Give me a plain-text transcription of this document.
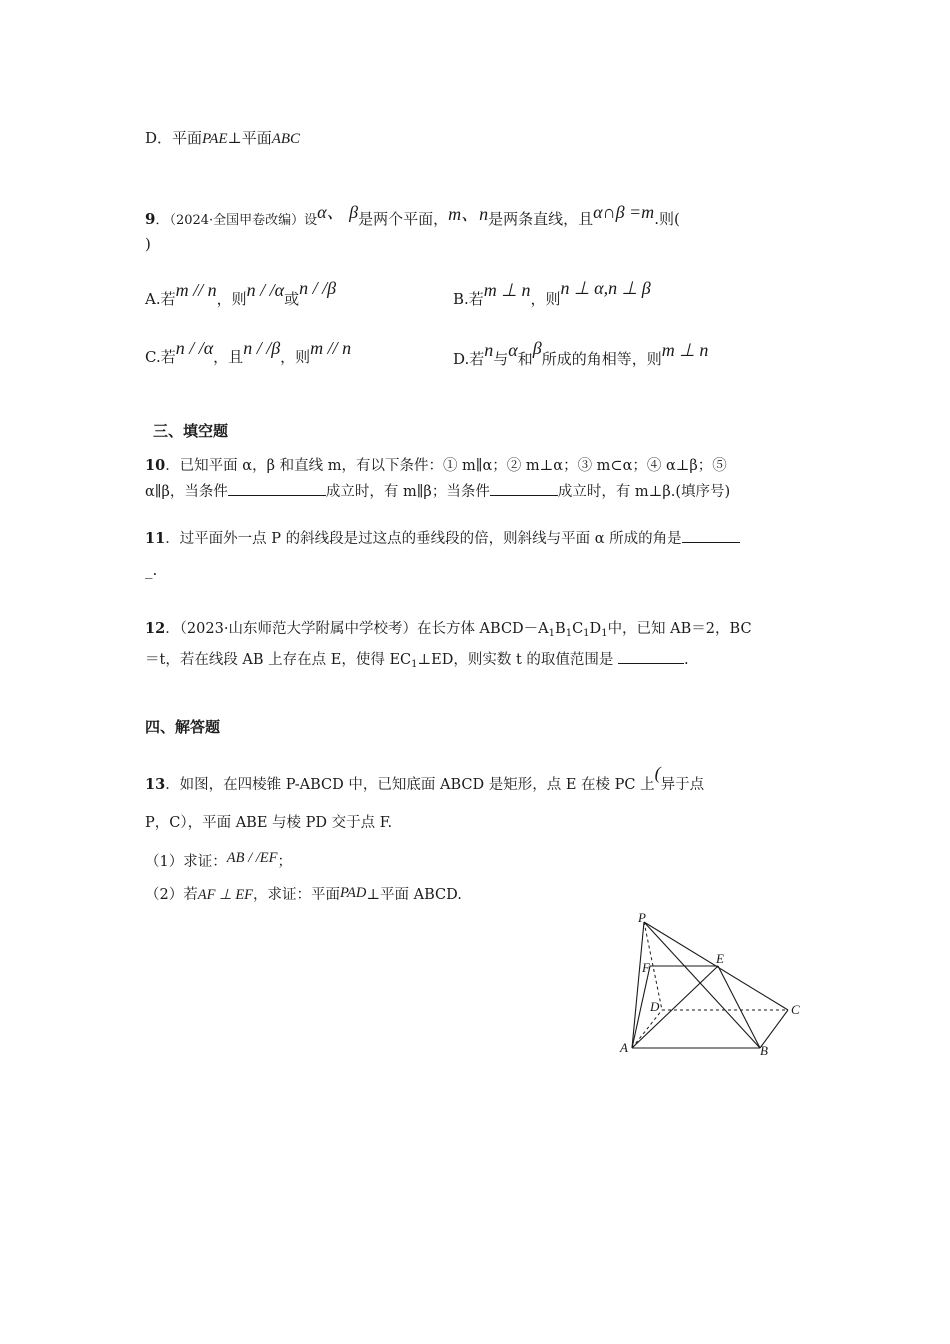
D．平面PAE⊥平面ABC
9．（2024·全国甲卷改编）设α、 β是两个平面，m、n是两条直线，且α∩β =m.则(
)
A.若m // n，则n / /α或n / /β
B.若m ⊥ n，则n ⊥ α,n ⊥ β
C.若n / /α，且n / /β，则m // n
D.若n与α和β所成的角相等，则m ⊥ n
三、填空题
10．已知平面 α，β 和直线 m，有以下条件：① m∥α；② m⊥α；③ m⊂α；④ α⊥β；⑤
α∥β，当条件	成立时，有 m∥β；当条件	成立时，有 m⊥β.(填序号)
11．过平面外一点 P 的斜线段是过这点的垂线段的倍，则斜线与平面 α 所成的角是
_.
12．（2023·山东师范大学附属中学校考）在长方体 $ABCD-A_1B_1C_1D_1$中，已知 AB＝2，BC
＝t，若在线段 AB 上存在点 E，使得 $EC_1\perp ED$，则实数 t 的取值范围是	.
四、解答题
13．如图，在四棱锥 P-ABCD 中，已知底面 ABCD 是矩形，点 E 在棱 PC 上(异于点
P，C），平面 ABE 与棱 PD 交于点 F.
（1）求证：AB / /EF；
（2）若AF ⊥ EF，求证：平面PAD⊥平面 ABCD.
P
F
E
D	C
A	B
